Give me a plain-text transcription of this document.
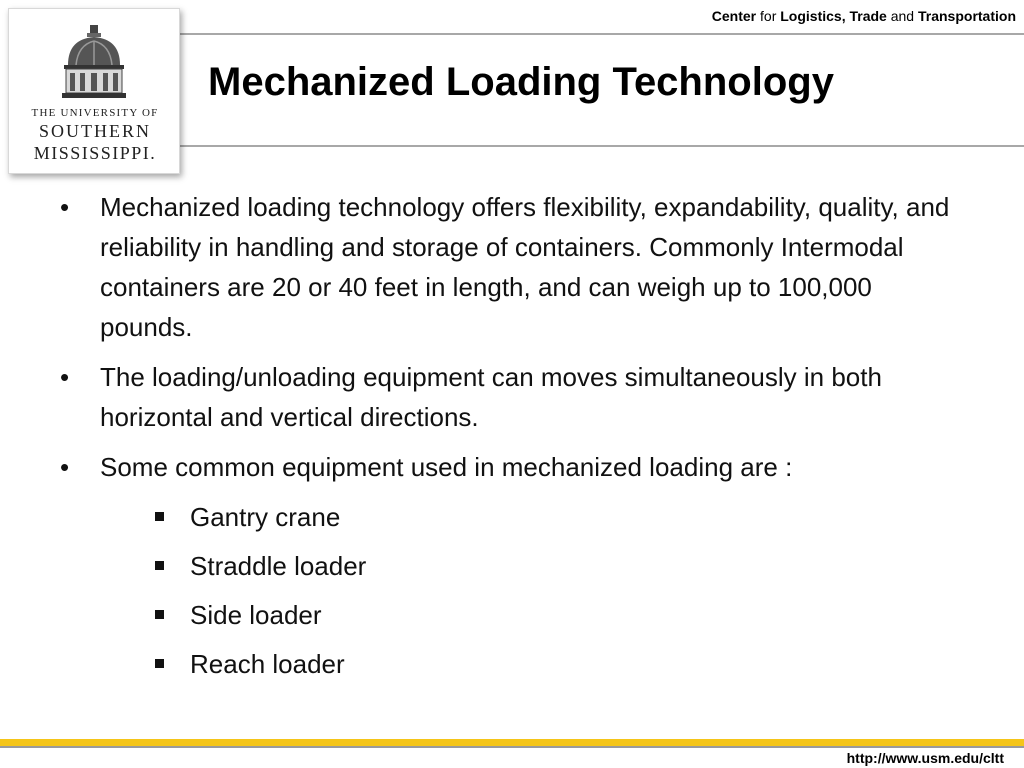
THE UNIVERSITY OF
SOUTHERN
MISSISSIPPI.
Center for Logistics, Trade and Transportation
Mechanized Loading Technology
•	Mechanized loading technology offers flexibility, expandability, quality, and reliability in handling and storage of containers. Commonly Intermodal containers are 20 or 40 feet in length, and can weigh up to 100,000 pounds.
•	The loading/unloading equipment can moves simultaneously in both horizontal and vertical directions.
•	Some common equipment used in mechanized loading are :
Gantry crane
Straddle loader
Side loader
Reach loader
http://www.usm.edu/cltt
